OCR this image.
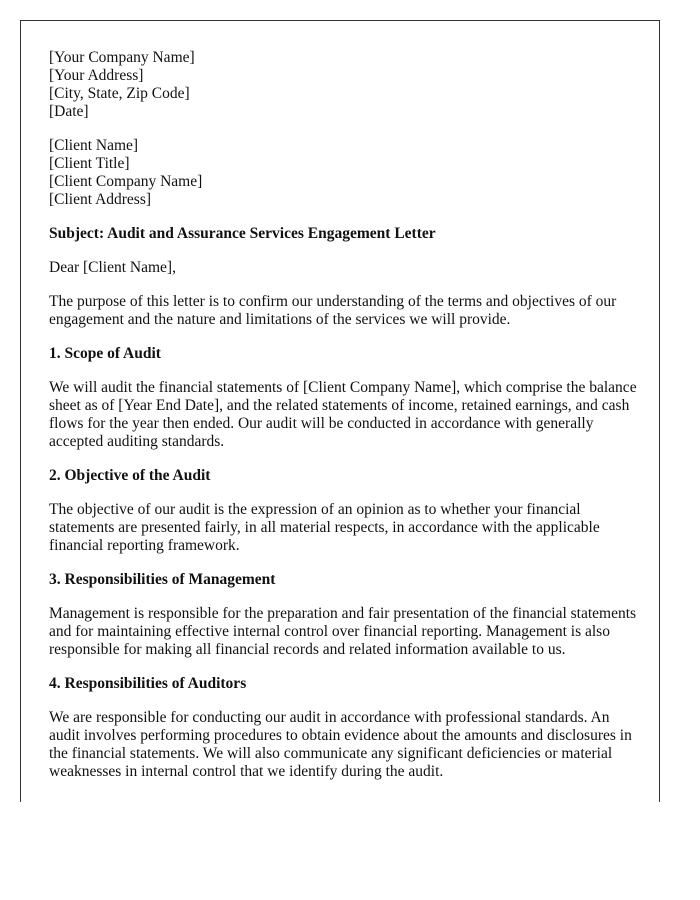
[Your Company Name]
[Your Address]
[City, State, Zip Code]
[Date]
[Client Name]
[Client Title]
[Client Company Name]
[Client Address]
Subject: Audit and Assurance Services Engagement Letter

Dear [Client Name],

The purpose of this letter is to confirm our understanding of the terms and objectives of our engagement and the nature and limitations of the services we will provide.

1. Scope of Audit

We will audit the financial statements of [Client Company Name], which comprise the balance sheet as of [Year End Date], and the related statements of income, retained earnings, and cash flows for the year then ended. Our audit will be conducted in accordance with generally accepted auditing standards.

2. Objective of the Audit

The objective of our audit is the expression of an opinion as to whether your financial statements are presented fairly, in all material respects, in accordance with the applicable financial reporting framework.

3. Responsibilities of Management

Management is responsible for the preparation and fair presentation of the financial statements and for maintaining effective internal control over financial reporting. Management is also responsible for making all financial records and related information available to us.

4. Responsibilities of Auditors

We are responsible for conducting our audit in accordance with professional standards. An audit involves performing procedures to obtain evidence about the amounts and disclosures in the financial statements. We will also communicate any significant deficiencies or material weaknesses in internal control that we identify during the audit.
